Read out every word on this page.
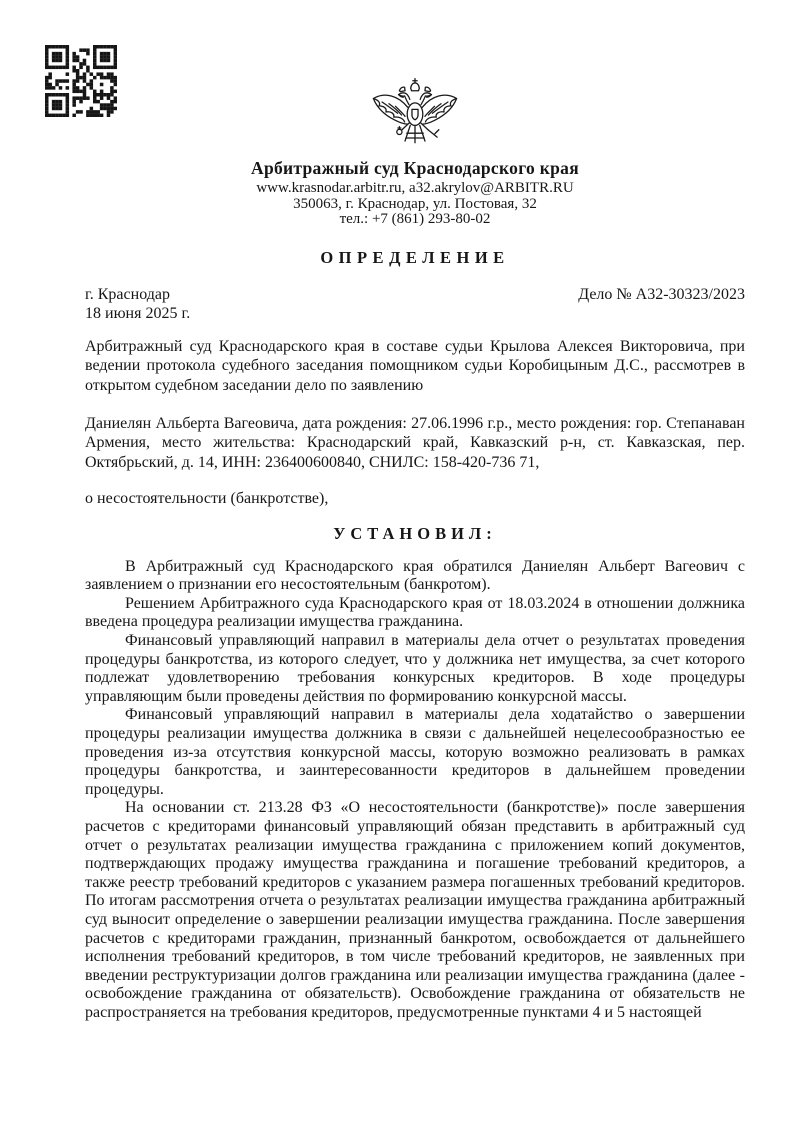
Арбитражный суд Краснодарского края
www.krasnodar.arbitr.ru, a32.akrylov@ARBITR.RU
350063, г. Краснодар, ул. Постовая, 32
тел.: +7 (861) 293-80-02
ОПРЕДЕЛЕНИЕ
г. Краснодар
18 июня 2025 г.
Дело № А32-30323/2023

Арбитражный суд Краснодарского края в составе судьи Крылова Алексея Викторовича, при ведении протокола судебного заседания помощником судьи Коробицыным Д.С., рассмотрев в открытом судебном заседании дело по заявлению

Даниелян Альберта Вагеовича, дата рождения: 27.06.1996 г.р., место рождения: гор. Степанаван Армения, место жительства: Краснодарский край, Кавказский р-н, ст. Кавказская, пер. Октябрьский, д. 14, ИНН: 236400600840, СНИЛС: 158-420-736 71,

о несостоятельности (банкротстве),

УСТАНОВИЛ:

В Арбитражный суд Краснодарского края обратился Даниелян Альберт Вагеович с заявлением о признании его несостоятельным (банкротом).

Решением Арбитражного суда Краснодарского края от 18.03.2024 в отношении должника введена процедура реализации имущества гражданина.

Финансовый управляющий направил в материалы дела отчет о результатах проведения процедуры банкротства, из которого следует, что у должника нет имущества, за счет которого подлежат удовлетворению требования конкурсных кредиторов. В ходе процедуры управляющим были проведены действия по формированию конкурсной массы.

Финансовый управляющий направил в материалы дела ходатайство о завершении процедуры реализации имущества должника в связи с дальнейшей нецелесообразностью ее проведения из-за отсутствия конкурсной массы, которую возможно реализовать в рамках процедуры банкротства, и заинтересованности кредиторов в дальнейшем проведении процедуры.

На основании ст. 213.28 ФЗ «О несостоятельности (банкротстве)» после завершения расчетов с кредиторами финансовый управляющий обязан представить в арбитражный суд отчет о результатах реализации имущества гражданина с приложением копий документов, подтверждающих продажу имущества гражданина и погашение требований кредиторов, а также реестр требований кредиторов с указанием размера погашенных требований кредиторов. По итогам рассмотрения отчета о результатах реализации имущества гражданина арбитражный суд выносит определение о завершении реализации имущества гражданина. После завершения расчетов с кредиторами гражданин, признанный банкротом, освобождается от дальнейшего исполнения требований кредиторов, в том числе требований кредиторов, не заявленных при введении реструктуризации долгов гражданина или реализации имущества гражданина (далее - освобождение гражданина от обязательств). Освобождение гражданина от обязательств не распространяется на требования кредиторов, предусмотренные пунктами 4 и 5 настоящей
